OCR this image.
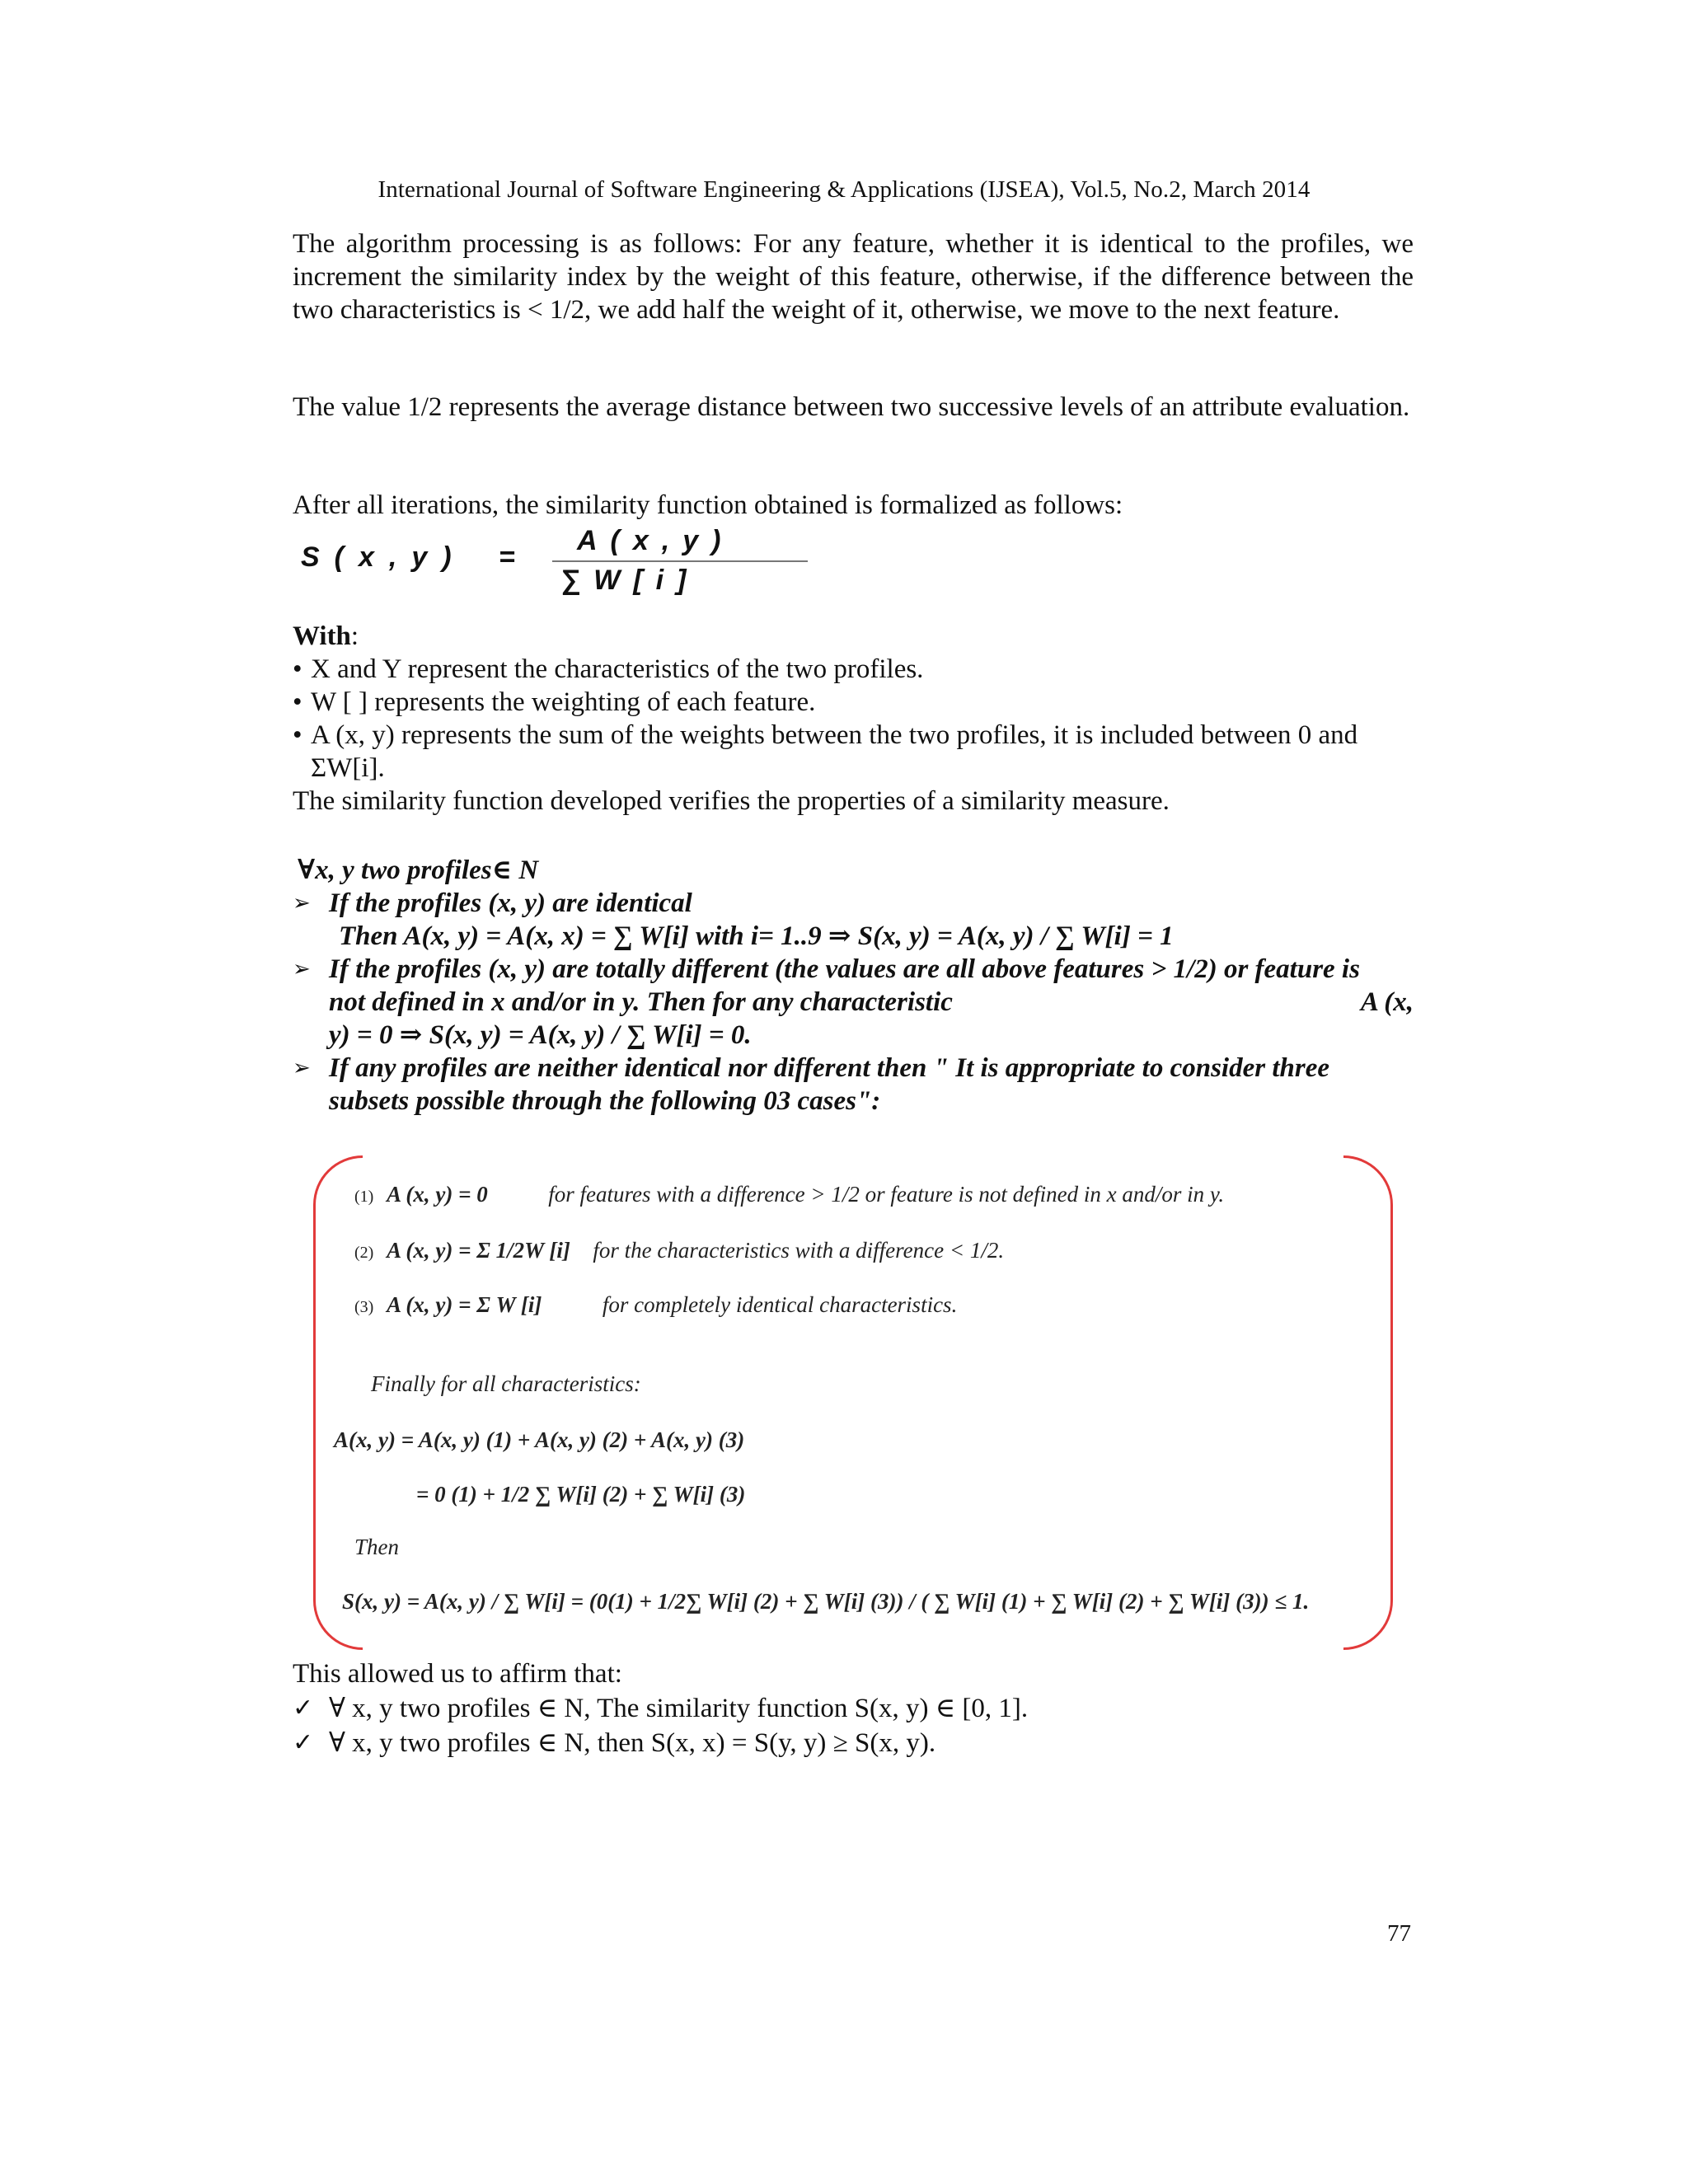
International Journal of Software Engineering & Applications (IJSEA), Vol.5, No.2, March 2014
The algorithm processing is as follows: For any feature, whether it is identical to the profiles, we increment the similarity index by the weight of this feature, otherwise, if the difference between the two characteristics is < 1/2, we add half the weight of it, otherwise, we move to the next feature.
The value 1/2 represents the average distance between two successive levels of an attribute evaluation.
After all iterations, the similarity function obtained is formalized as follows:
S(x,y) =
A(x,y)
∑W[i]
With:
• X and Y represent the characteristics of the two profiles.
• W [ ] represents the weighting of each feature.
• A (x, y) represents the sum of the weights between the two profiles, it is included between 0 and
ΣW[i].
The similarity function developed verifies the properties of a similarity measure.
∀x, y two profiles∈ N
➢ If the profiles (x, y) are identical
Then A(x, y) = A(x, x) = ∑ W[i] with i= 1..9 ⇒ S(x, y) = A(x, y) / ∑ W[i] = 1
➢ If the profiles (x, y) are totally different (the values are all above features > 1/2) or feature is
not defined in x and/or in y. Then for any characteristic	A (x,
y) = 0 ⇒ S(x, y) = A(x, y) / ∑ W[i] = 0.
➢ If any profiles are neither identical nor different then " It is appropriate to consider three
subsets possible through the following 03 cases":
(1) A (x, y) = 0	for features with a difference > 1/2 or feature is not defined in x and/or in y.
(2) A (x, y) = Σ 1/2W [i] for the characteristics with a difference < 1/2.
(3) A (x, y) = Σ W [i]	for completely identical characteristics.
Finally for all characteristics:
A(x, y) = A(x, y) (1) + A(x, y) (2) + A(x, y) (3)
= 0 (1) + 1/2 ∑ W[i] (2) + ∑ W[i] (3)
Then
S(x, y) = A(x, y) / ∑ W[i] = (0(1) + 1/2∑ W[i] (2) + ∑ W[i] (3)) / ( ∑ W[i] (1) + ∑ W[i] (2) + ∑ W[i] (3)) ≤ 1.
This allowed us to affirm that:
✓ ∀ x, y two profiles ∈ N, The similarity function S(x, y) ∈ [0, 1].
✓ ∀ x, y two profiles ∈ N, then S(x, x) = S(y, y) ≥ S(x, y).
77
